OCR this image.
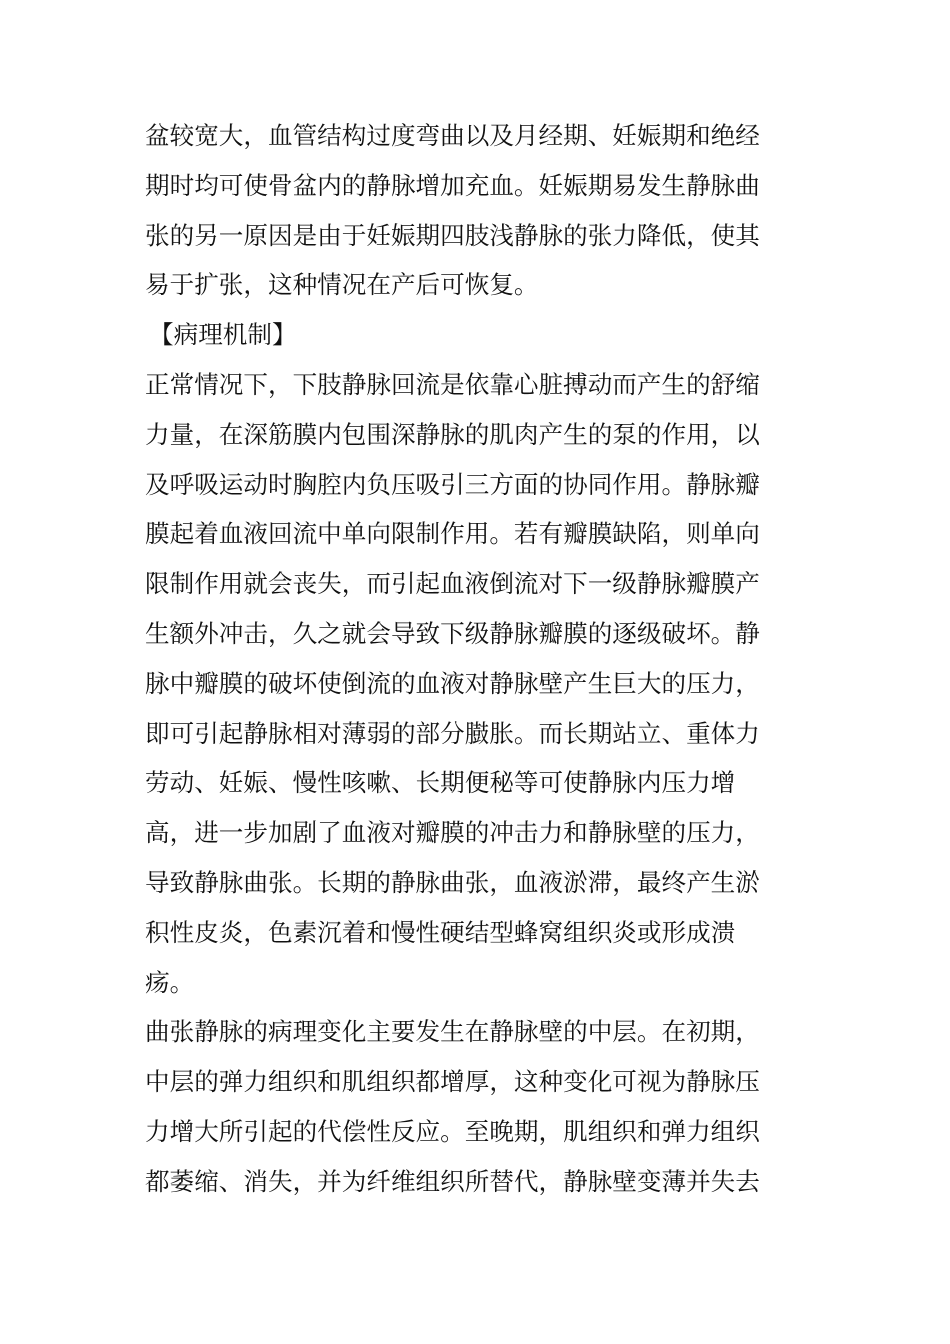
盆较宽大，血管结构过度弯曲以及月经期、妊娠期和绝经
期时均可使骨盆内的静脉增加充血。妊娠期易发生静脉曲
张的另一原因是由于妊娠期四肢浅静脉的张力降低，使其
易于扩张，这种情况在产后可恢复。

【病理机制】

正常情况下，下肢静脉回流是依靠心脏搏动而产生的舒缩
力量，在深筋膜内包围深静脉的肌肉产生的泵的作用，以
及呼吸运动时胸腔内负压吸引三方面的协同作用。静脉瓣
膜起着血液回流中单向限制作用。若有瓣膜缺陷，则单向
限制作用就会丧失，而引起血液倒流对下一级静脉瓣膜产
生额外冲击，久之就会导致下级静脉瓣膜的逐级破坏。静
脉中瓣膜的破坏使倒流的血液对静脉壁产生巨大的压力，
即可引起静脉相对薄弱的部分臌胀。而长期站立、重体力
劳动、妊娠、慢性咳嗽、长期便秘等可使静脉内压力增
高，进一步加剧了血液对瓣膜的冲击力和静脉壁的压力，
导致静脉曲张。长期的静脉曲张，血液淤滞，最终产生淤
积性皮炎，色素沉着和慢性硬结型蜂窝组织炎或形成溃
疡。

曲张静脉的病理变化主要发生在静脉壁的中层。在初期，
中层的弹力组织和肌组织都增厚，这种变化可视为静脉压
力增大所引起的代偿性反应。至晚期，肌组织和弹力组织
都萎缩、消失，并为纤维组织所替代，静脉壁变薄并失去
